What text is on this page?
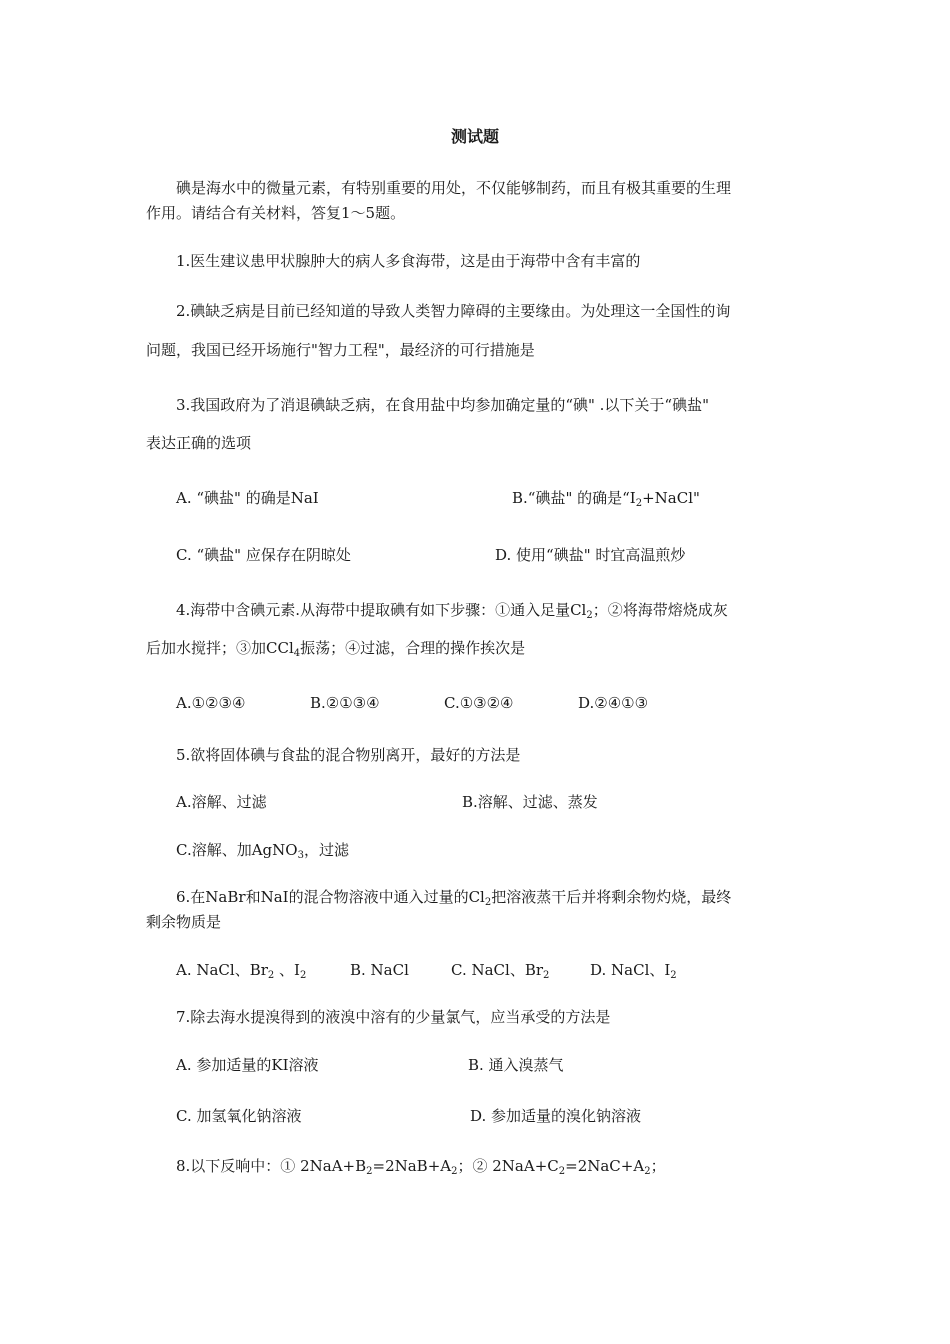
测试题
碘是海水中的微量元素，有特别重要的用处，不仅能够制药，而且有极其重要的生理
作用。请结合有关材料，答复1～5题。
1.医生建议患甲状腺肿大的病人多食海带，这是由于海带中含有丰富的
2.碘缺乏病是目前已经知道的导致人类智力障碍的主要缘由。为处理这一全国性的询
问题，我国已经开场施行"智力工程"，最经济的可行措施是
3.我国政府为了消退碘缺乏病，在食用盐中均参加确定量的“碘" .以下关于“碘盐"
表达正确的选项
A. “碘盐" 的确是NaI	B.“碘盐" 的确是“$I_2+NaCl$"
C. “碘盐" 应保存在阴晾处	D. 使用“碘盐" 时宜高温煎炒
4.海带中含碘元素.从海带中提取碘有如下步骤：①通入足量$Cl_2$；②将海带熔烧成灰
后加水搅拌；③加CCl$_4$振荡；④过滤，合理的操作挨次是
A.①②③④	B.②①③④	C.①③②④	D.②④①③
5.欲将固体碘与食盐的混合物别离开，最好的方法是
A.溶解、过滤	B.溶解、过滤、蒸发
C.溶解、加AgNO$_3$，过滤
6.在NaBr和NaI的混合物溶液中通入过量的$Cl_2$把溶液蒸干后并将剩余物灼烧，最终
剩余物质是
A. NaCl、$Br_2$ 、$I_2$	B. NaCl	C. NaCl、$Br_2$	D. NaCl、$I_2$
7.除去海水提溴得到的液溴中溶有的少量氯气，应当承受的方法是
A. 参加适量的KI溶液	B. 通入溴蒸气
C. 加氢氧化钠溶液	D. 参加适量的溴化钠溶液
8.以下反响中：① $2NaA+B_2=2NaB+A_2$；② $2NaA+C_2=2NaC+A_2$；
